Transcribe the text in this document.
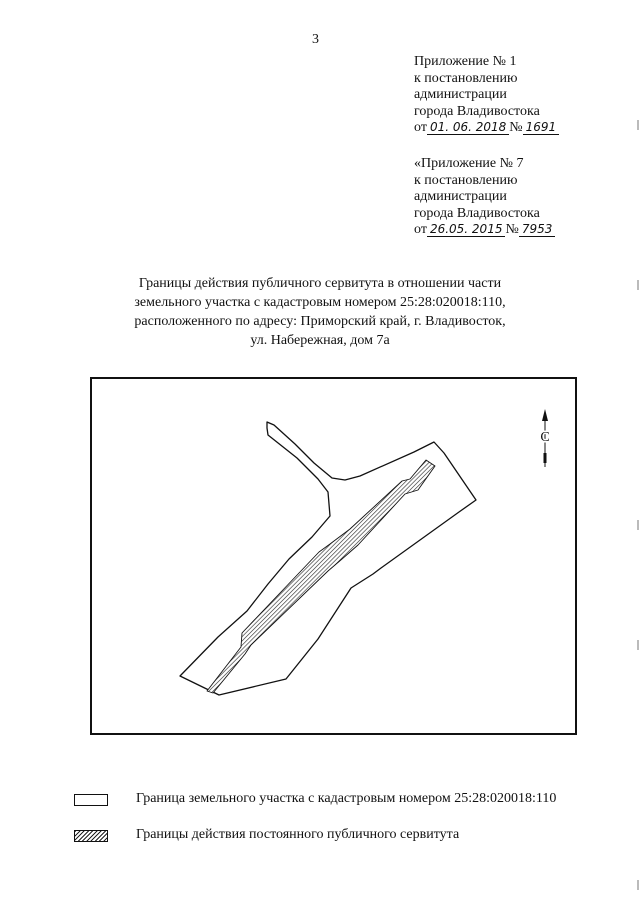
3
Приложение № 1
к постановлению
администрации
города Владивостока
от 01. 06. 2018 № 1691
«Приложение № 7
к постановлению
администрации
города Владивостока
от 26.05. 2015 № 7953
Границы действия публичного сервитута в отношении части
земельного участка с кадастровым номером 25:28:020018:110,
расположенного по адресу: Приморский край, г. Владивосток,
ул. Набережная, дом 7а
С
Граница земельного участка с кадастровым номером 25:28:020018:110
Границы действия постоянного публичного сервитута
